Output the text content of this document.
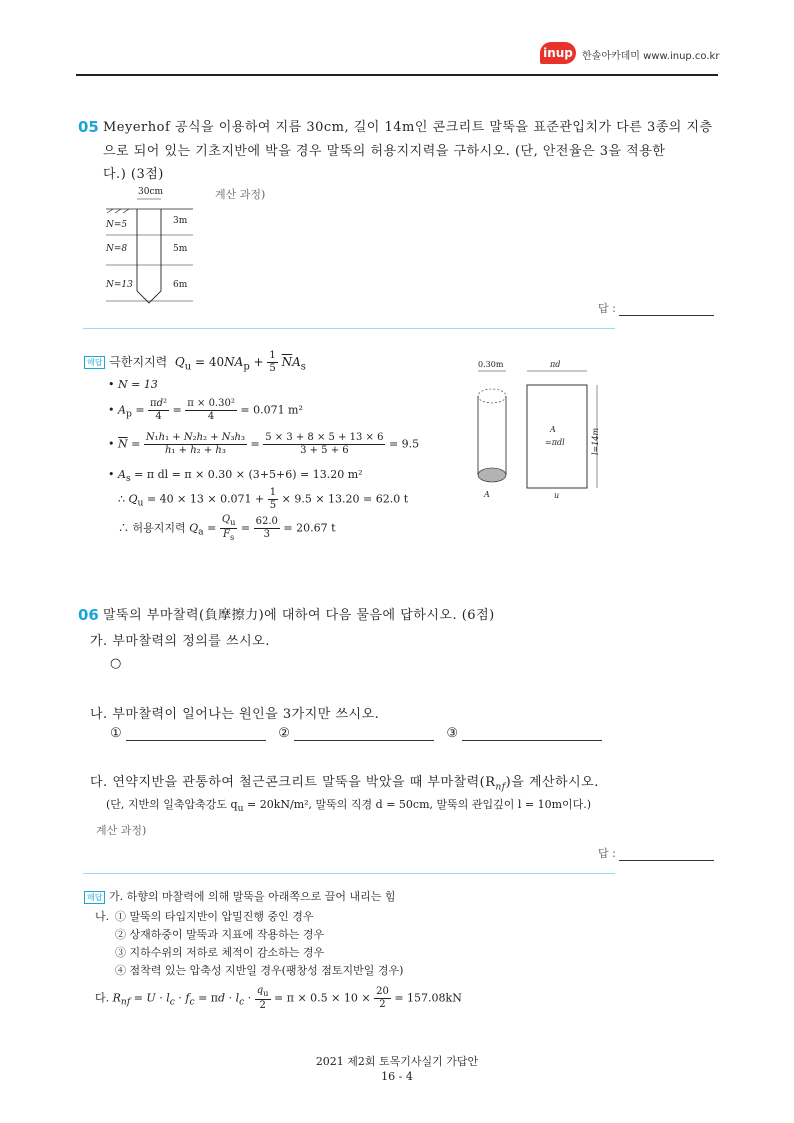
inup 한솔아카데미 www.inup.co.kr
05 Meyerhof 공식을 이용하여 지름 30cm, 길이 14m인 콘크리트 말뚝을 표준관입치가 다른 3종의 지층
으로 되어 있는 기초지반에 박을 경우 말뚝의 허용지지력을 구하시오. (단, 안전율은 3을 적용한
다.) (3점)
계산 과정)
30cm
N=5
N=8
N=13
3m
5m
6m
답 :
해답 극한지지력 $Q_u = 40NA_p + \frac{1}{5} \overline{N}A_s$
• N = 13
• $A_p = \frac{\text{πd²}}{4} = \frac{\text{π × 0.30²}}{4} = 0.071$ m²
• $\overline{N} = \frac{\text{N₁h₁ + N₂h₂ + N₃h₃}}{\text{h₁ + h₂ + h₃}} = \frac{5 \times 3 + 8 \times 5 + 13 \times 6}{3 + 5 + 6} = 9.5$
• $A_s = \pi$ dl = π × 0.30 × (3+5+6) = 13.20 m²
∴ $Q_u = 40 \times 13 \times 0.071 + \frac{1}{5} \times 9.5 \times 13.20 = 62.0$ t
∴ 허용지지력 $Q_a = \frac{Q_u}{F_s} = \frac{62.0}{3} = 20.67$ t
0.30m	πd
A
A
=πdl	l=14m
u
06 말뚝의 부마찰력(負摩擦力)에 대하여 다음 물음에 답하시오. (6점)
가. 부마찰력의 정의를 쓰시오.
○
나. 부마찰력이 일어나는 원인을 3가지만 쓰시오.
①	②	③
다. 연약지반을 관통하여 철근콘크리트 말뚝을 박았을 때 부마찰력$(R_{nf})$을 계산하시오.
(단, 지반의 일축압축강도 $q_u = 20kN/m^2$, 말뚝의 직경 d = 50cm, 말뚝의 관입깊이 l = 10m이다.)
계산 과정)
답 :
해답 가. 하향의 마찰력에 의해 말뚝을 아래쪽으로 끌어 내리는 힘
나. ① 말뚝의 타입지반이 압밀진행 중인 경우
② 상재하중이 말뚝과 지표에 작용하는 경우
③ 지하수위의 저하로 체적이 감소하는 경우
④ 점착력 있는 압축성 지반일 경우(팽창성 점토지반일 경우)
다. $R_{nf} = U \cdot l_c \cdot f_c = \pi d \cdot l_c \cdot \frac{q_u}{2} = \pi \times 0.5 \times 10 \times \frac{20}{2} = 157.08kN$
2021 제2회 토목기사실기 가답안
16 - 4
